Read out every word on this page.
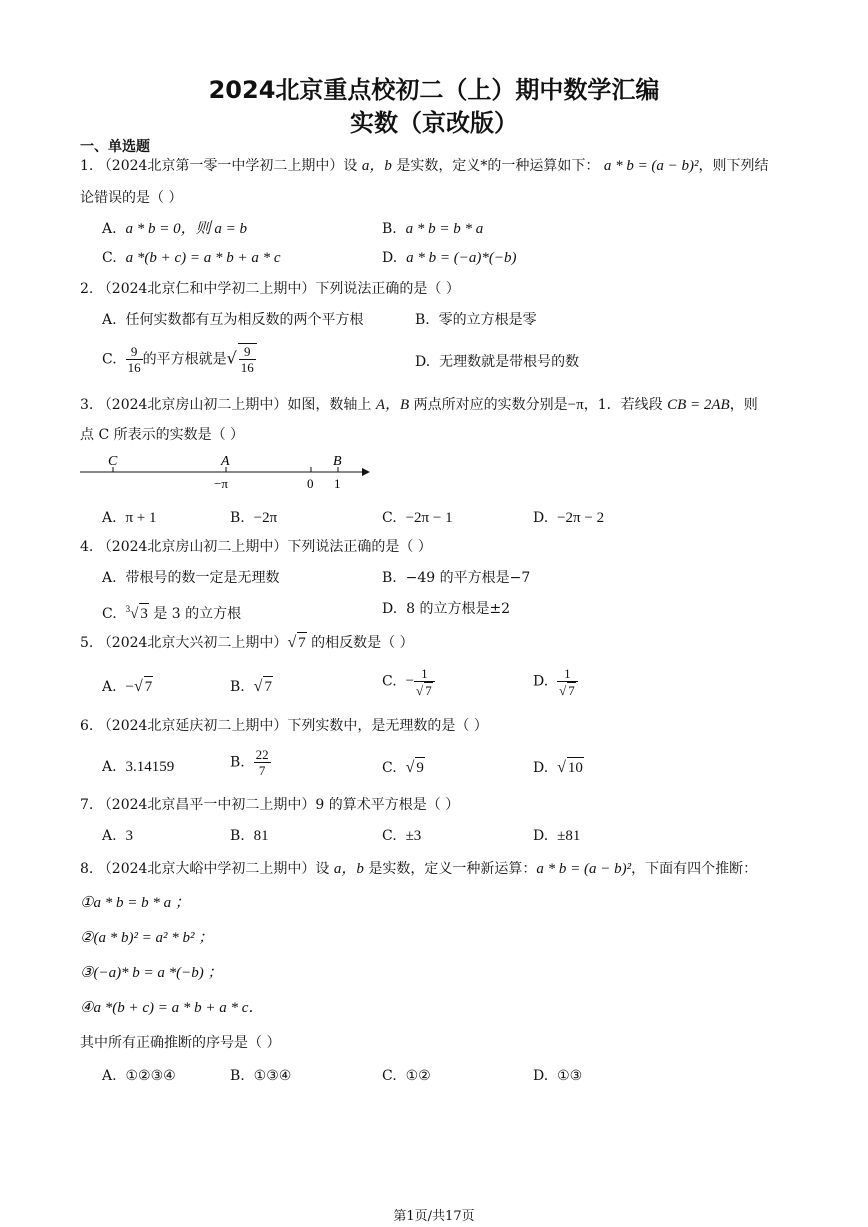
2024北京重点校初二（上）期中数学汇编
实数（京改版）
一、单选题
1. （2024北京第一零一中学初二上期中）设 a，b 是实数，定义*的一种运算如下： a * b = (a − b)²，则下列结
论错误的是（ ）
A. a * b = 0，则 a = b	B. a * b = b * a
C. a *(b + c) = a * b + a * c	D. a * b = (−a)*(−b)
2. （2024北京仁和中学初二上期中）下列说法正确的是（ ）
A. 任何实数都有互为相反数的两个平方根	B. 零的立方根是零
C. $\frac{9}{16}$ 的平方根就是√ $\frac{9}{16}$	D. 无理数就是带根号的数
3. （2024北京房山初二上期中）如图，数轴上 A，B 两点所对应的实数分别是−π，1．若线段 CB = 2AB，则
点 C 所表示的实数是（ ）
C	A	B
−π	0 1
A. π + 1	B. −2π	C. −2π − 1	D. −2π − 2
4. （2024北京房山初二上期中）下列说法正确的是（ ）
A. 带根号的数一定是无理数	B. −49 的平方根是−7
C. $^3$√ 3 是 3 的立方根	D. 8 的立方根是±2
5. （2024北京大兴初二上期中）√ 7 的相反数是（ ）
A. −√ 7	B. √ 7	C. − $\frac{1}{√ 7}$	D. $\frac{1}{√ 7}$
6. （2024北京延庆初二上期中）下列实数中，是无理数的是（ ）
A. 3.14159	B. $\frac{22}{7}$	C. √ 9	D. √ 10
7. （2024北京昌平一中初二上期中）9 的算术平方根是（ ）
A. 3	B. 81	C. ±3	D. ±81
8. （2024北京大峪中学初二上期中）设 a，b 是实数，定义一种新运算：a * b = (a − b)²，下面有四个推断：
①a * b = b * a ；
②(a * b)² = a² * b² ；
③(−a)* b = a *(−b) ；
④a *(b + c) = a * b + a * c．
其中所有正确推断的序号是（ ）
A. ①②③④	B. ①③④	C. ①②	D. ①③
第1页/共17页
